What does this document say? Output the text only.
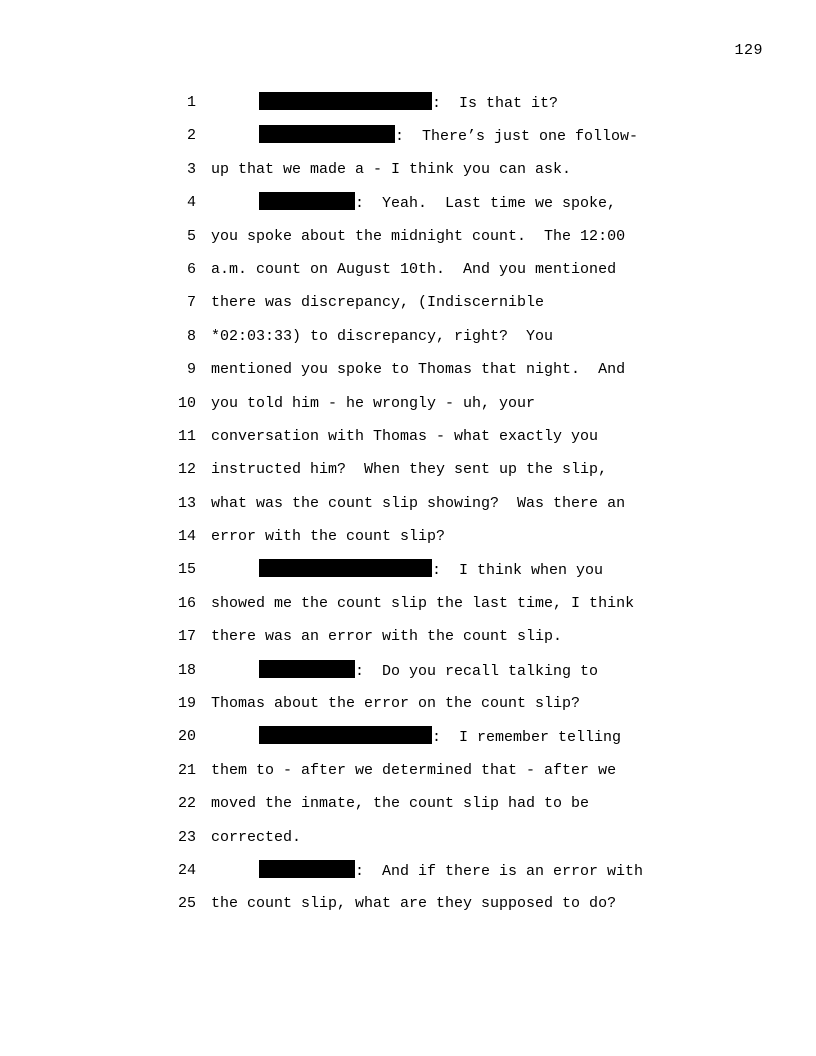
129
1	:  Is that it?
2	:  There’s just one follow-
3 up that we made a - I think you can ask.
4	:  Yeah.  Last time we spoke,
5 you spoke about the midnight count.  The 12:00
6 a.m. count on August 10th.  And you mentioned
7 there was discrepancy, (Indiscernible
8 *02:03:33) to discrepancy, right?  You
9 mentioned you spoke to Thomas that night.  And
10 you told him - he wrongly - uh, your
11 conversation with Thomas - what exactly you
12 instructed him?  When they sent up the slip,
13 what was the count slip showing?  Was there an
14 error with the count slip?
15	:  I think when you
16 showed me the count slip the last time, I think
17 there was an error with the count slip.
18	:  Do you recall talking to
19 Thomas about the error on the count slip?
20	:  I remember telling
21 them to - after we determined that - after we
22 moved the inmate, the count slip had to be
23 corrected.
24	:  And if there is an error with
25 the count slip, what are they supposed to do?
